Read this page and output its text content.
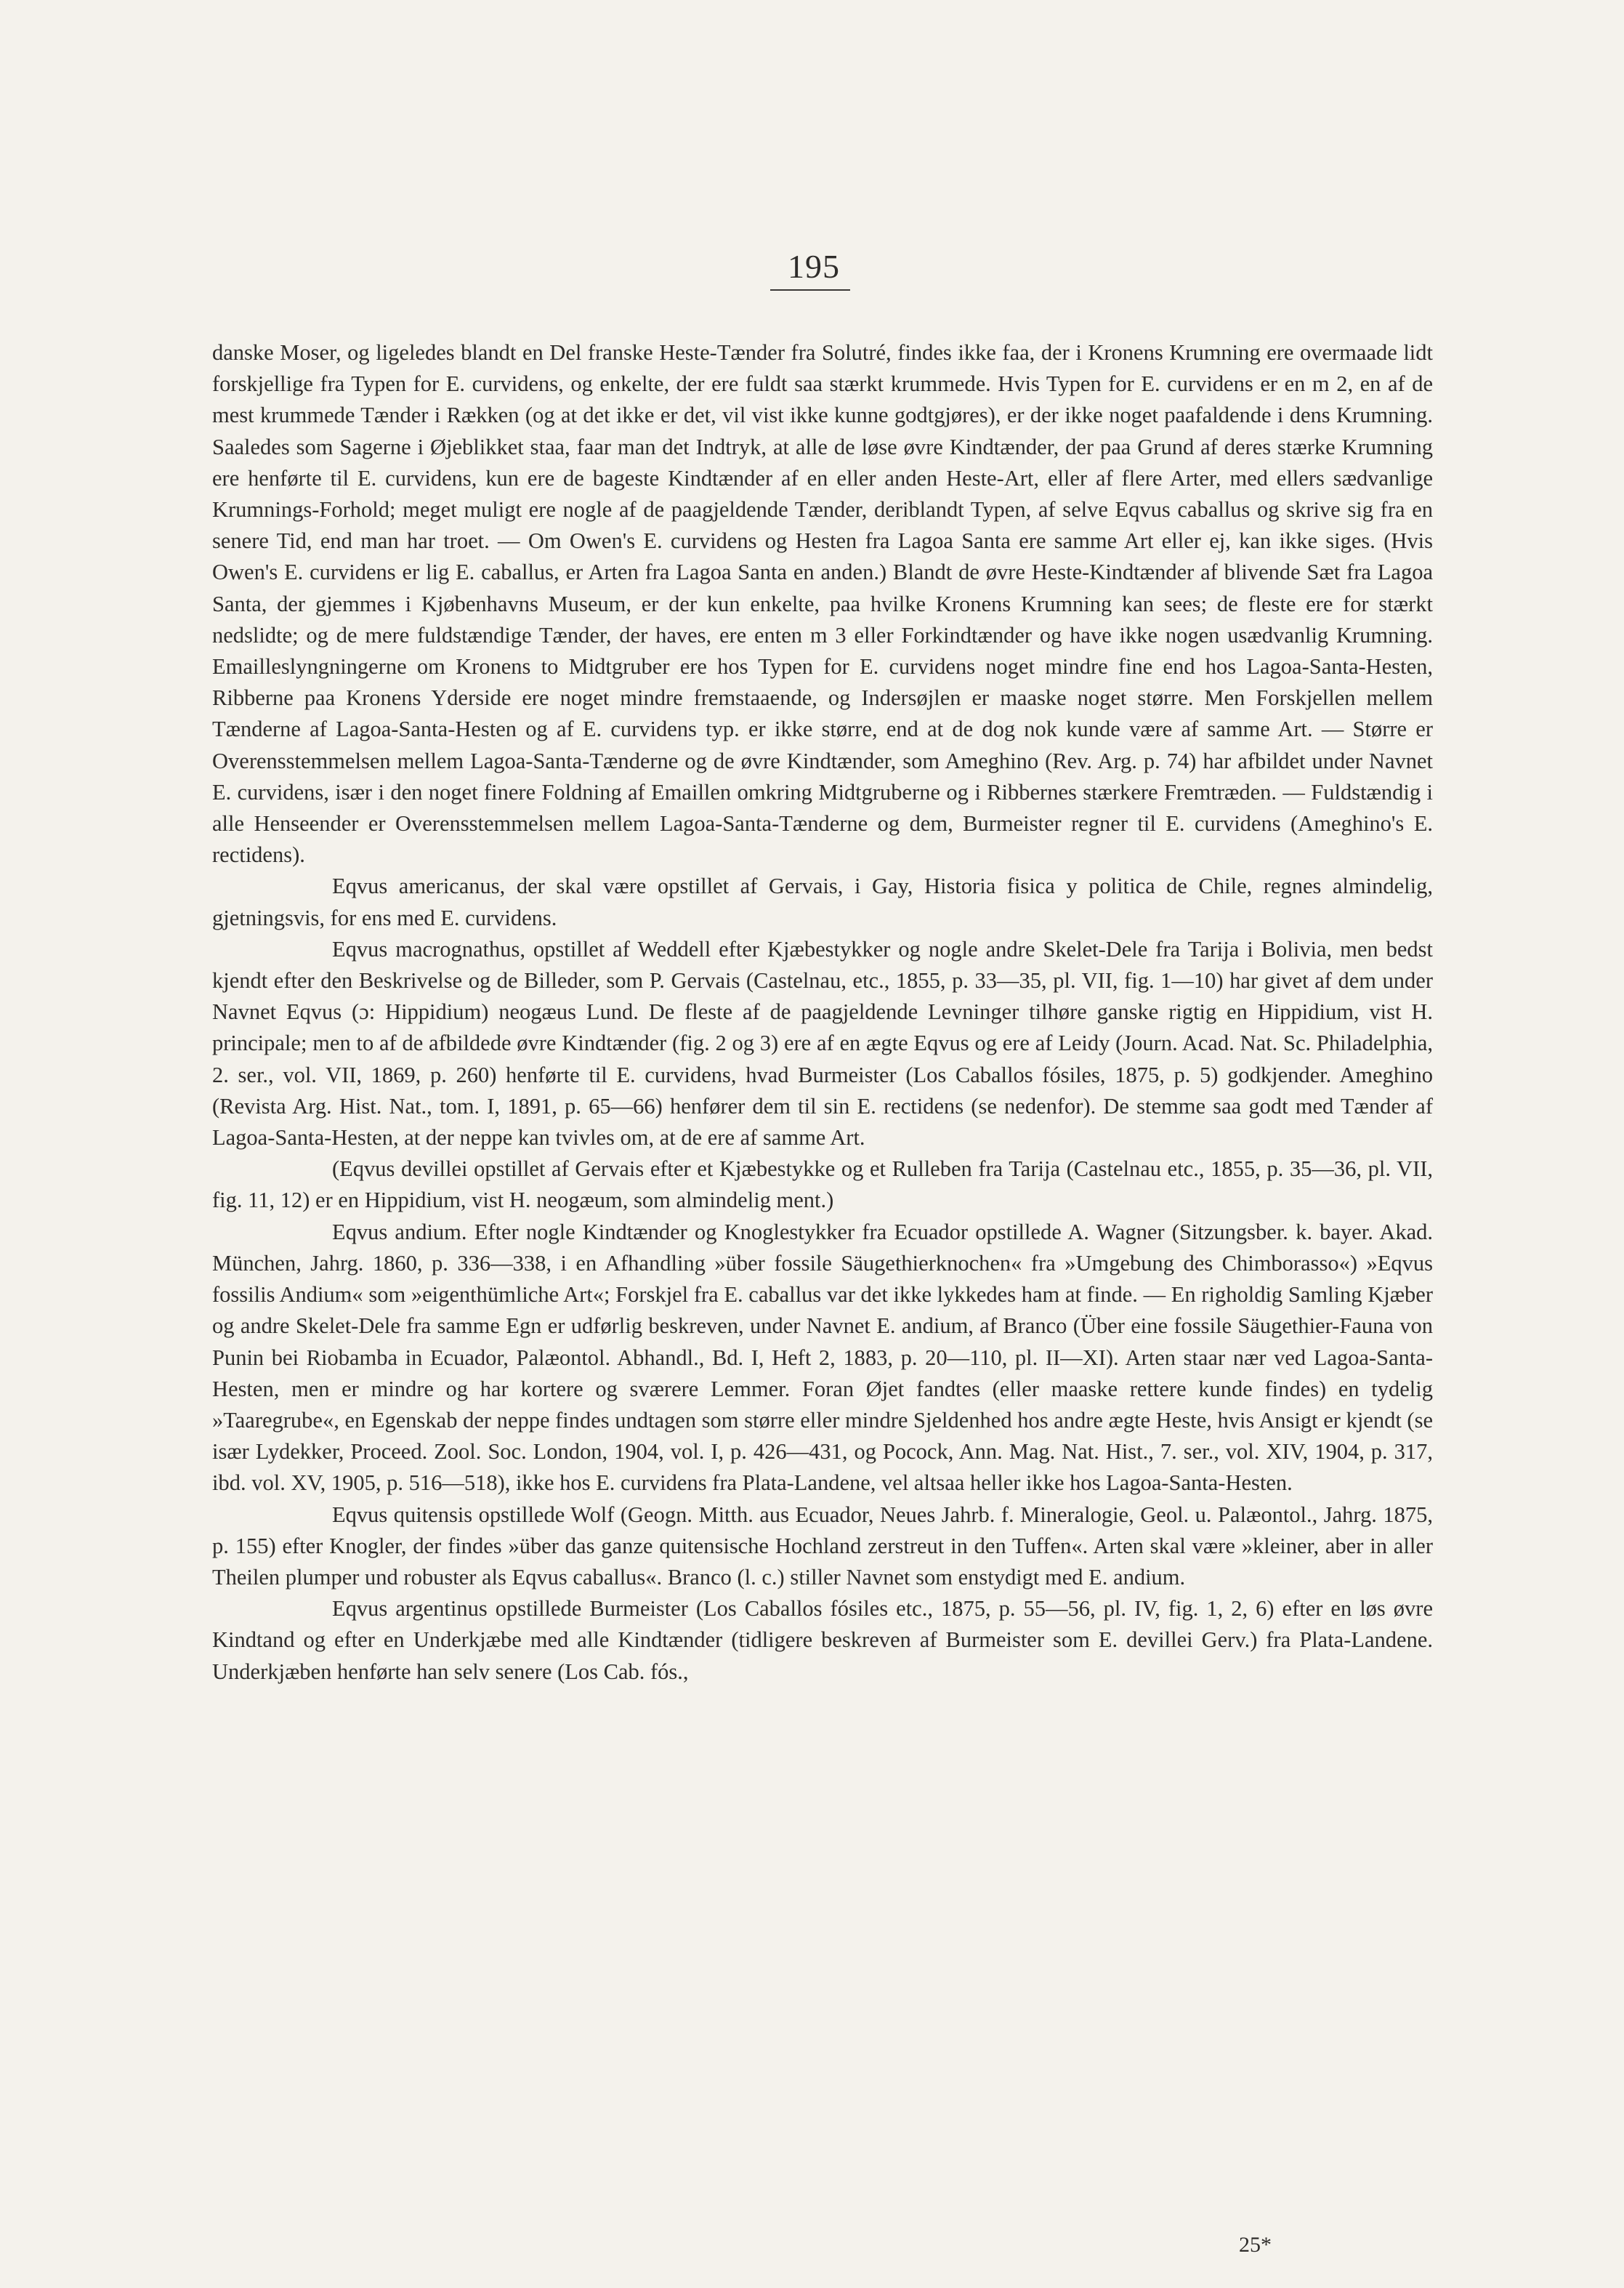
195

danske Moser, og ligeledes blandt en Del franske Heste-Tænder fra Solutré, findes ikke faa, der i Kronens Krumning ere overmaade lidt forskjellige fra Typen for E. curvidens, og enkelte, der ere fuldt saa stærkt krummede. Hvis Typen for E. curvidens er en m 2, en af de mest krummede Tænder i Rækken (og at det ikke er det, vil vist ikke kunne godtgjøres), er der ikke noget paafaldende i dens Krumning. Saaledes som Sagerne i Øjeblikket staa, faar man det Indtryk, at alle de løse øvre Kindtænder, der paa Grund af deres stærke Krumning ere henførte til E. curvidens, kun ere de bageste Kindtænder af en eller anden Heste-Art, eller af flere Arter, med ellers sædvanlige Krumnings-Forhold; meget muligt ere nogle af de paagjeldende Tænder, deriblandt Typen, af selve Eqvus caballus og skrive sig fra en senere Tid, end man har troet. — Om Owen's E. curvidens og Hesten fra Lagoa Santa ere samme Art eller ej, kan ikke siges. (Hvis Owen's E. curvidens er lig E. caballus, er Arten fra Lagoa Santa en anden.) Blandt de øvre Heste-Kindtænder af blivende Sæt fra Lagoa Santa, der gjemmes i Kjøbenhavns Museum, er der kun enkelte, paa hvilke Kronens Krumning kan sees; de fleste ere for stærkt nedslidte; og de mere fuldstændige Tænder, der haves, ere enten m 3 eller Forkindtænder og have ikke nogen usædvanlig Krumning. Emailleslyngningerne om Kronens to Midtgruber ere hos Typen for E. curvidens noget mindre fine end hos Lagoa-Santa-Hesten, Ribberne paa Kronens Yderside ere noget mindre fremstaaende, og Indersøjlen er maaske noget større. Men Forskjellen mellem Tænderne af Lagoa-Santa-Hesten og af E. curvidens typ. er ikke større, end at de dog nok kunde være af samme Art. — Større er Overensstemmelsen mellem Lagoa-Santa-Tænderne og de øvre Kindtænder, som Ameghino (Rev. Arg. p. 74) har afbildet under Navnet E. curvidens, især i den noget finere Foldning af Emaillen omkring Midtgruberne og i Ribbernes stærkere Fremtræden. — Fuldstændig i alle Henseender er Overensstemmelsen mellem Lagoa-Santa-Tænderne og dem, Burmeister regner til E. curvidens (Ameghino's E. rectidens).

Eqvus americanus, der skal være opstillet af Gervais, i Gay, Historia fisica y politica de Chile, regnes almindelig, gjetningsvis, for ens med E. curvidens.

Eqvus macrognathus, opstillet af Weddell efter Kjæbestykker og nogle andre Skelet-Dele fra Tarija i Bolivia, men bedst kjendt efter den Beskrivelse og de Billeder, som P. Gervais (Castelnau, etc., 1855, p. 33—35, pl. VII, fig. 1—10) har givet af dem under Navnet Eqvus (ɔ: Hippidium) neogæus Lund. De fleste af de paagjeldende Levninger tilhøre ganske rigtig en Hippidium, vist H. principale; men to af de afbildede øvre Kindtænder (fig. 2 og 3) ere af en ægte Eqvus og ere af Leidy (Journ. Acad. Nat. Sc. Philadelphia, 2. ser., vol. VII, 1869, p. 260) henførte til E. curvidens, hvad Burmeister (Los Caballos fósiles, 1875, p. 5) godkjender. Ameghino (Revista Arg. Hist. Nat., tom. I, 1891, p. 65—66) henfører dem til sin E. rectidens (se nedenfor). De stemme saa godt med Tænder af Lagoa-Santa-Hesten, at der neppe kan tvivles om, at de ere af samme Art.

(Eqvus devillei opstillet af Gervais efter et Kjæbestykke og et Rulleben fra Tarija (Castelnau etc., 1855, p. 35—36, pl. VII, fig. 11, 12) er en Hippidium, vist H. neogæum, som almindelig ment.)

Eqvus andium. Efter nogle Kindtænder og Knoglestykker fra Ecuador opstillede A. Wagner (Sitzungsber. k. bayer. Akad. München, Jahrg. 1860, p. 336—338, i en Afhandling »über fossile Säugethierknochen« fra »Umgebung des Chimborasso«) »Eqvus fossilis Andium« som »eigenthümliche Art«; Forskjel fra E. caballus var det ikke lykkedes ham at finde. — En righoldig Samling Kjæber og andre Skelet-Dele fra samme Egn er udførlig beskreven, under Navnet E. andium, af Branco (Über eine fossile Säugethier-Fauna von Punin bei Riobamba in Ecuador, Palæontol. Abhandl., Bd. I, Heft 2, 1883, p. 20—110, pl. II—XI). Arten staar nær ved Lagoa-Santa-Hesten, men er mindre og har kortere og sværere Lemmer. Foran Øjet fandtes (eller maaske rettere kunde findes) en tydelig »Taaregrube«, en Egenskab der neppe findes undtagen som større eller mindre Sjeldenhed hos andre ægte Heste, hvis Ansigt er kjendt (se især Lydekker, Proceed. Zool. Soc. London, 1904, vol. I, p. 426—431, og Pocock, Ann. Mag. Nat. Hist., 7. ser., vol. XIV, 1904, p. 317, ibd. vol. XV, 1905, p. 516—518), ikke hos E. curvidens fra Plata-Landene, vel altsaa heller ikke hos Lagoa-Santa-Hesten.

Eqvus quitensis opstillede Wolf (Geogn. Mitth. aus Ecuador, Neues Jahrb. f. Mineralogie, Geol. u. Palæontol., Jahrg. 1875, p. 155) efter Knogler, der findes »über das ganze quitensische Hochland zerstreut in den Tuffen«. Arten skal være »kleiner, aber in aller Theilen plumper und robuster als Eqvus caballus«. Branco (l. c.) stiller Navnet som enstydigt med E. andium.

Eqvus argentinus opstillede Burmeister (Los Caballos fósiles etc., 1875, p. 55—56, pl. IV, fig. 1, 2, 6) efter en løs øvre Kindtand og efter en Underkjæbe med alle Kindtænder (tidligere beskreven af Burmeister som E. devillei Gerv.) fra Plata-Landene. Underkjæben henførte han selv senere (Los Cab. fós.,

25*
